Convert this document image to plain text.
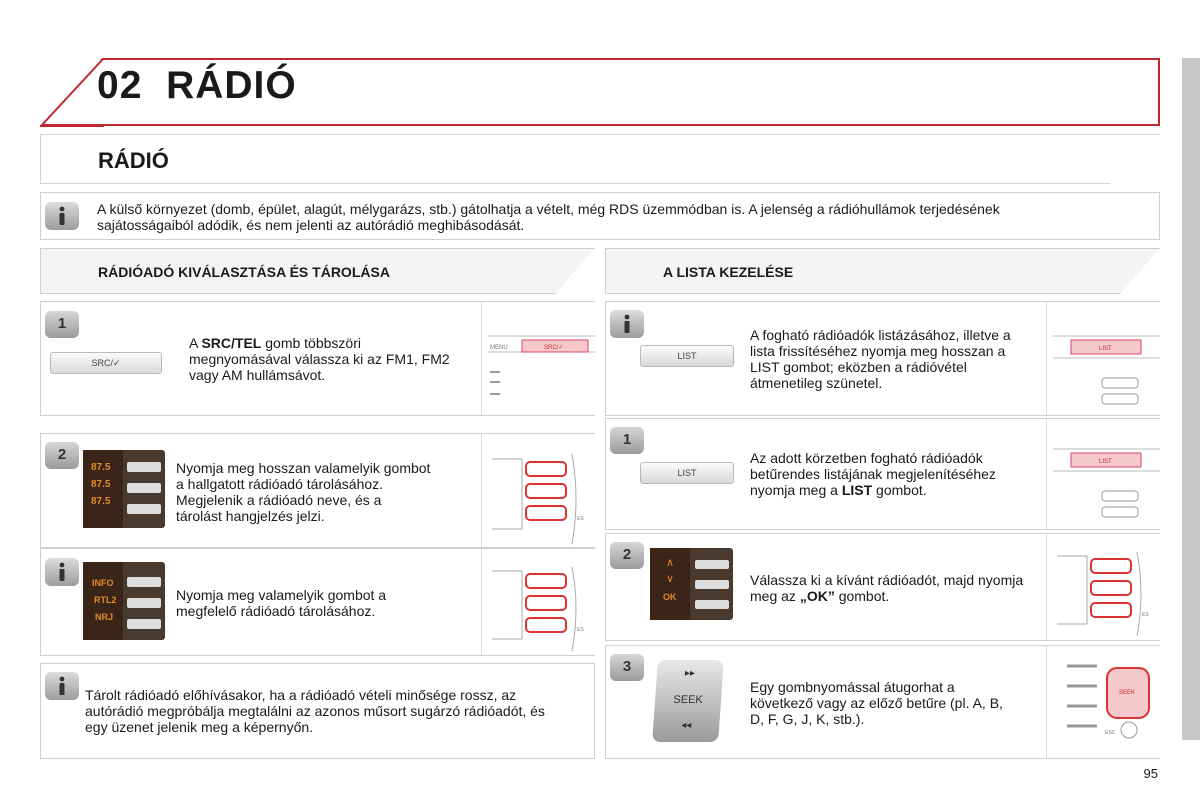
02 RÁDIÓ
RÁDIÓ
A külső környezet (domb, épület, alagút, mélygarázs, stb.) gátolhatja a vételt, még RDS üzemmódban is. A jelenség a rádióhullámok terjedésének sajátosságaiból adódik, és nem jelenti az autórádió meghibásodását.
RÁDIÓADÓ KIVÁLASZTÁSA ÉS TÁROLÁSA	A LISTA KEZELÉSE
1
SRC/✓
A SRC/TEL gomb többszöri megnyomásával válassza ki az FM1, FM2 vagy AM hullámsávot.
MENU	SRC/✓
2
87.5
87.5
87.5
Nyomja meg hosszan valamelyik gombot a hallgatott rádióadó tárolásához. Megjelenik a rádióadó neve, és a tárolást hangjelzés jelzi.	ES
INFO
RTL2
NRJ
Nyomja meg valamelyik gombot a megfelelő rádióadó tárolásához.
ES
Tárolt rádióadó előhívásakor, ha a rádióadó vételi minősége rossz, az autórádió megpróbálja megtalálni az azonos műsort sugárzó rádióadót, és egy üzenet jelenik meg a képernyőn.
LIST
A fogható rádióadók listázásához, illetve a lista frissítéséhez nyomja meg hosszan a LIST gombot; eközben a rádióvétel átmenetileg szünetel.
LIST
1
LIST
Az adott körzetben fogható rádióadók betűrendes listájának megjelenítéséhez nyomja meg a LIST gombot.
LIST
2	∧
∨
OK
Válassza ki a kívánt rádióadót, majd nyomja meg az „OK” gombot.
ES
3	▸▸
SEEK
◂◂
Egy gombnyomással átugorhat a következő vagy az előző betűre (pl. A, B, D, F, G, J, K, stb.).
SEEK
ESC
95
